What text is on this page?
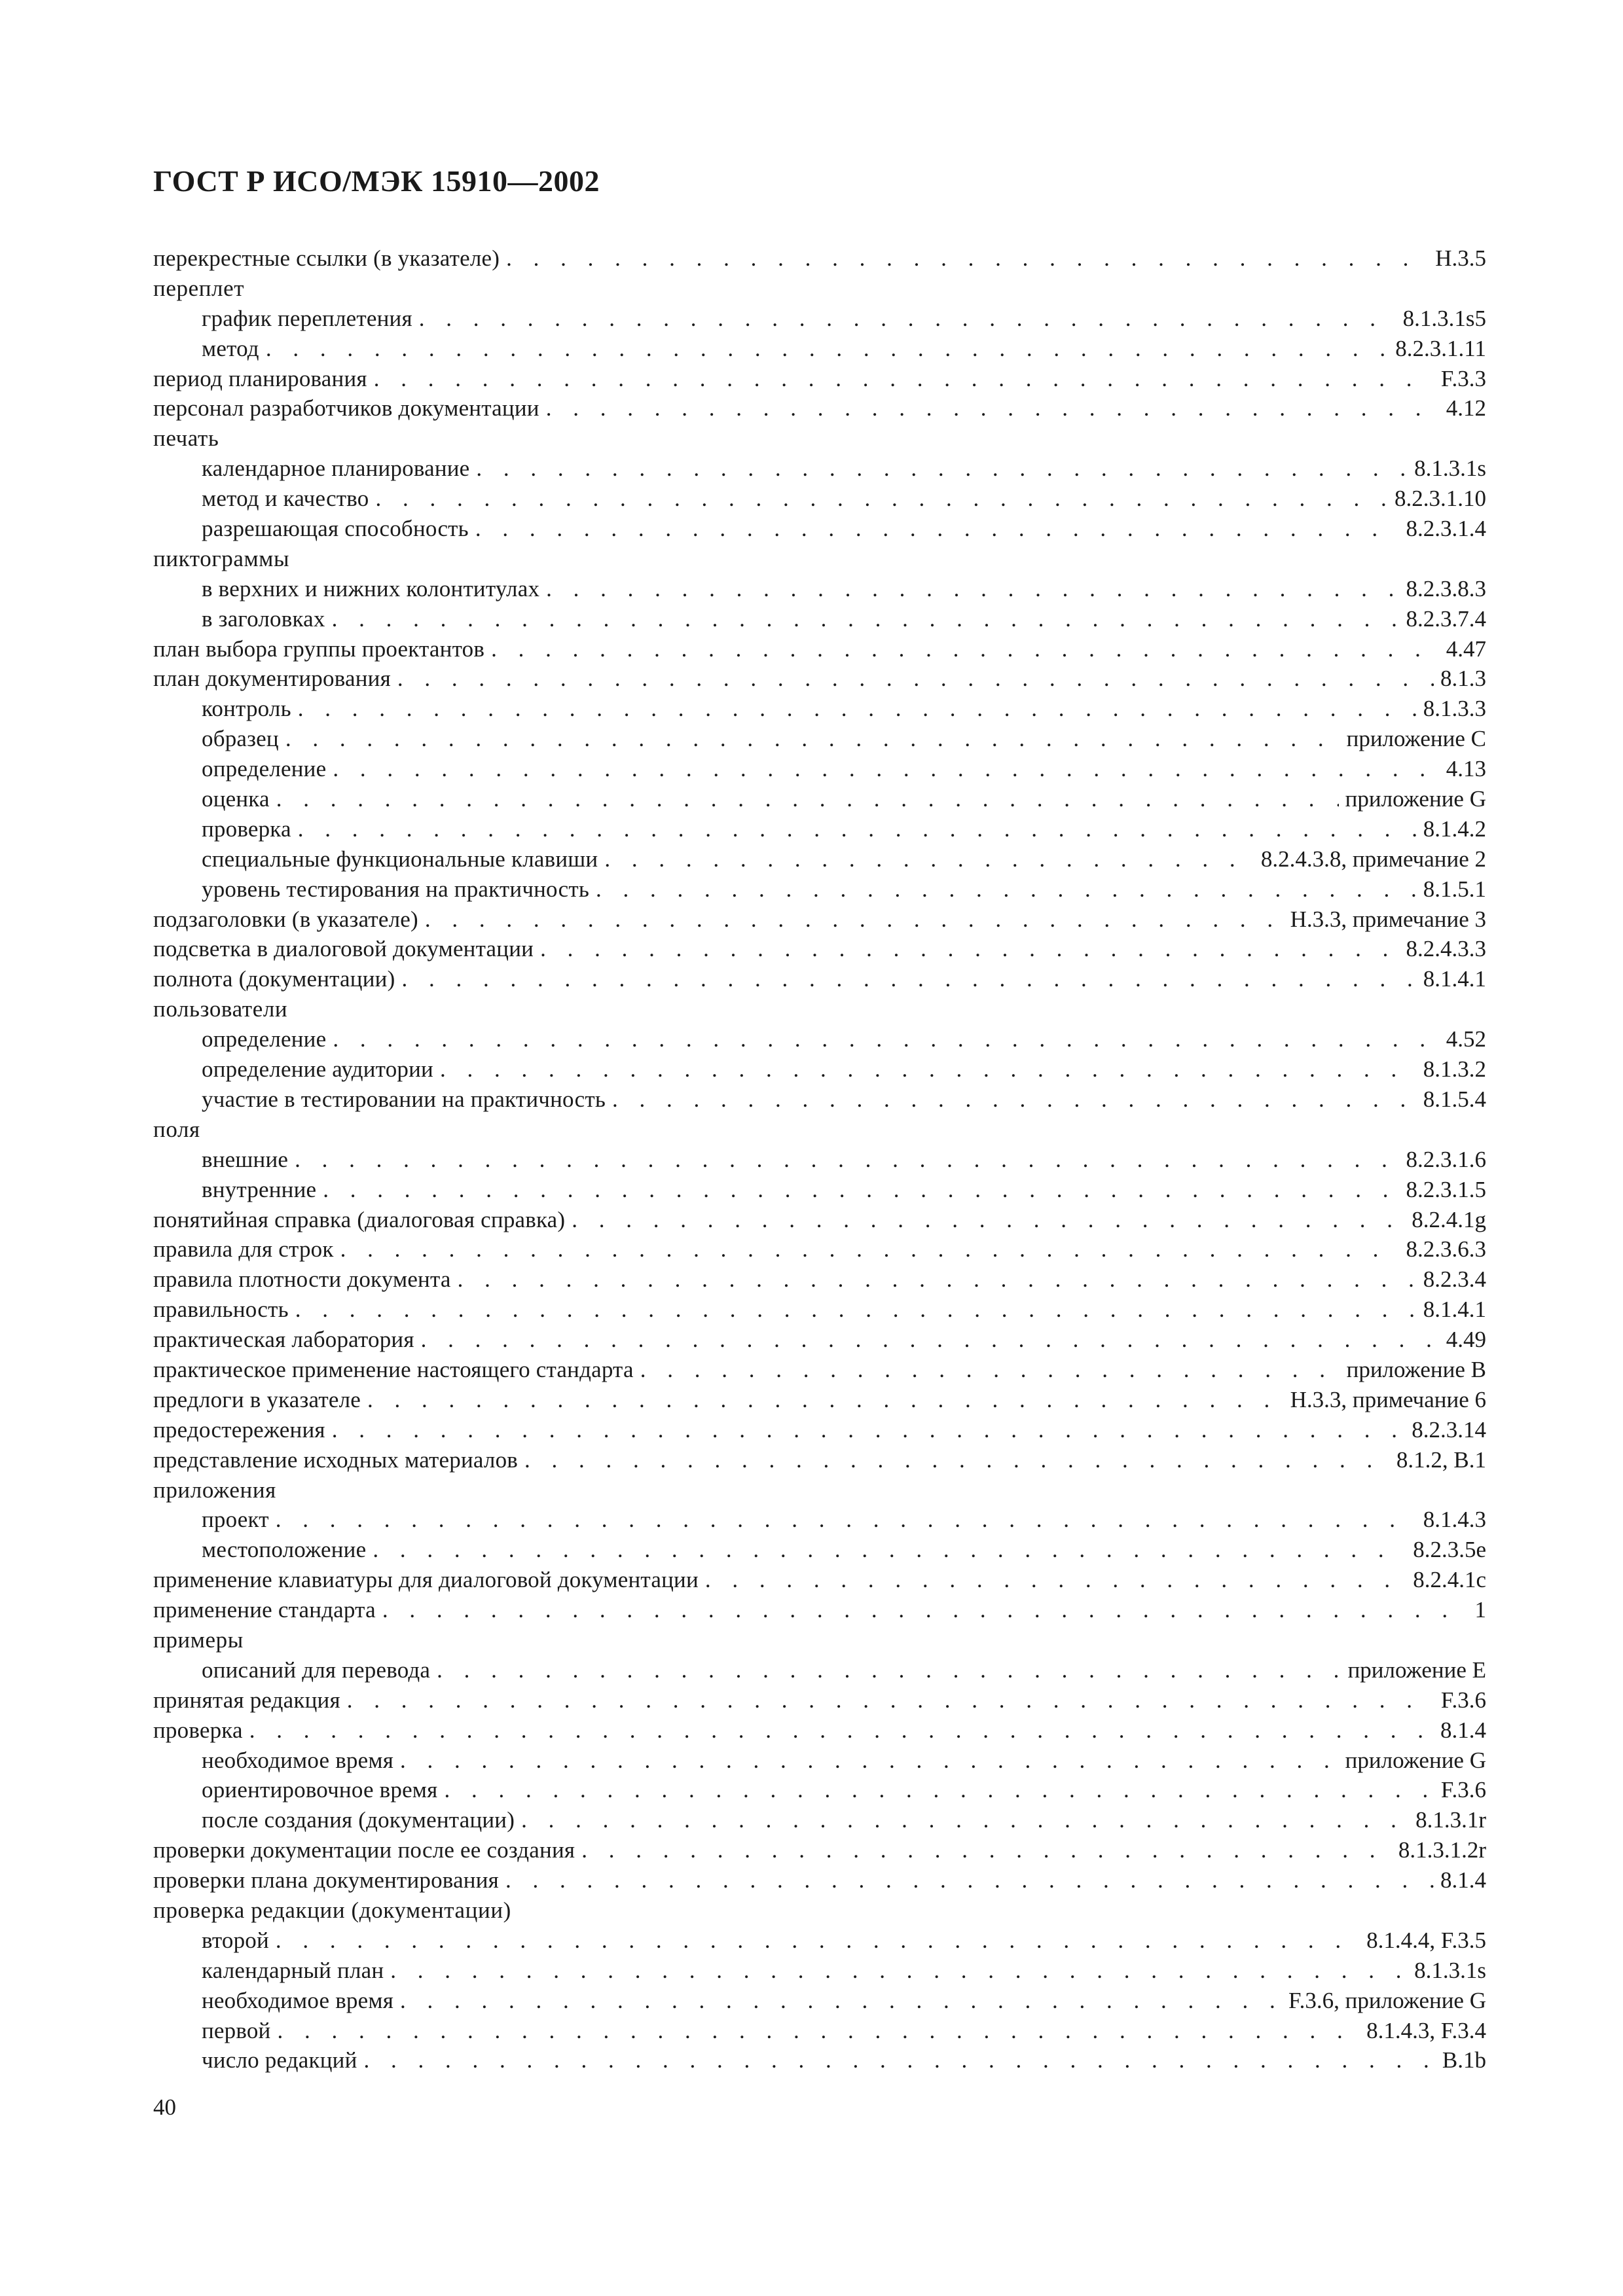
ГОСТ Р ИСО/МЭК 15910—2002
перекрестные ссылки (в указателе) . . .	H.3.5
переплет
график переплетения . . .	8.1.3.1s5
метод . . .	8.2.3.1.11
период планирования . . .	F.3.3
персонал разработчиков документации . . .	4.12
печать
календарное планирование . . .	8.1.3.1s
метод и качество . . .	8.2.3.1.10
разрешающая способность . . .	8.2.3.1.4
пиктограммы
в верхних и нижних колонтитулах . . .	8.2.3.8.3
в заголовках . . .	8.2.3.7.4
план выбора группы проектантов . . .	4.47
план документирования . . .	8.1.3
контроль . . .	8.1.3.3
образец . . .	приложение С
определение . . .	4.13
оценка . . .	приложение G
проверка . . .	8.1.4.2
специальные функциональные клавиши . . .	8.2.4.3.8, примечание 2
уровень тестирования на практичность . . .	8.1.5.1
подзаголовки (в указателе) . . .	H.3.3, примечание 3
подсветка в диалоговой документации . . .	8.2.4.3.3
полнота (документации) . . .	8.1.4.1
пользователи
определение . . .	4.52
определение аудитории . . .	8.1.3.2
участие в тестировании на практичность . . .	8.1.5.4
поля
внешние . . .	8.2.3.1.6
внутренние . . .	8.2.3.1.5
понятийная справка (диалоговая справка) . . .	8.2.4.1g
правила для строк . . .	8.2.3.6.3
правила плотности документа . . .	8.2.3.4
правильность . . .	8.1.4.1
практическая лаборатория . . .	4.49
практическое применение настоящего стандарта . . .	приложение В
предлоги в указателе . . .	H.3.3, примечание 6
предостережения . . .	8.2.3.14
представление исходных материалов . . .	8.1.2, B.1
приложения
проект . . .	8.1.4.3
местоположение . . .	8.2.3.5e
применение клавиатуры для диалоговой документации . . .	8.2.4.1c
применение стандарта . . .	1
примеры
описаний для перевода . . .	приложение Е
принятая редакция . . .	F.3.6
проверка . . .	8.1.4
необходимое время . . .	приложение G
ориентировочное время . . .	F.3.6
после создания (документации) . . .	8.1.3.1r
проверки документации после ее создания . . .	8.1.3.1.2r
проверки плана документирования . . .	8.1.4
проверка редакции (документации)
второй . . .	8.1.4.4, F.3.5
календарный план . . .	8.1.3.1s
необходимое время . . .	F.3.6, приложение G
первой . . .	8.1.4.3, F.3.4
число редакций . . .	B.1b
40
